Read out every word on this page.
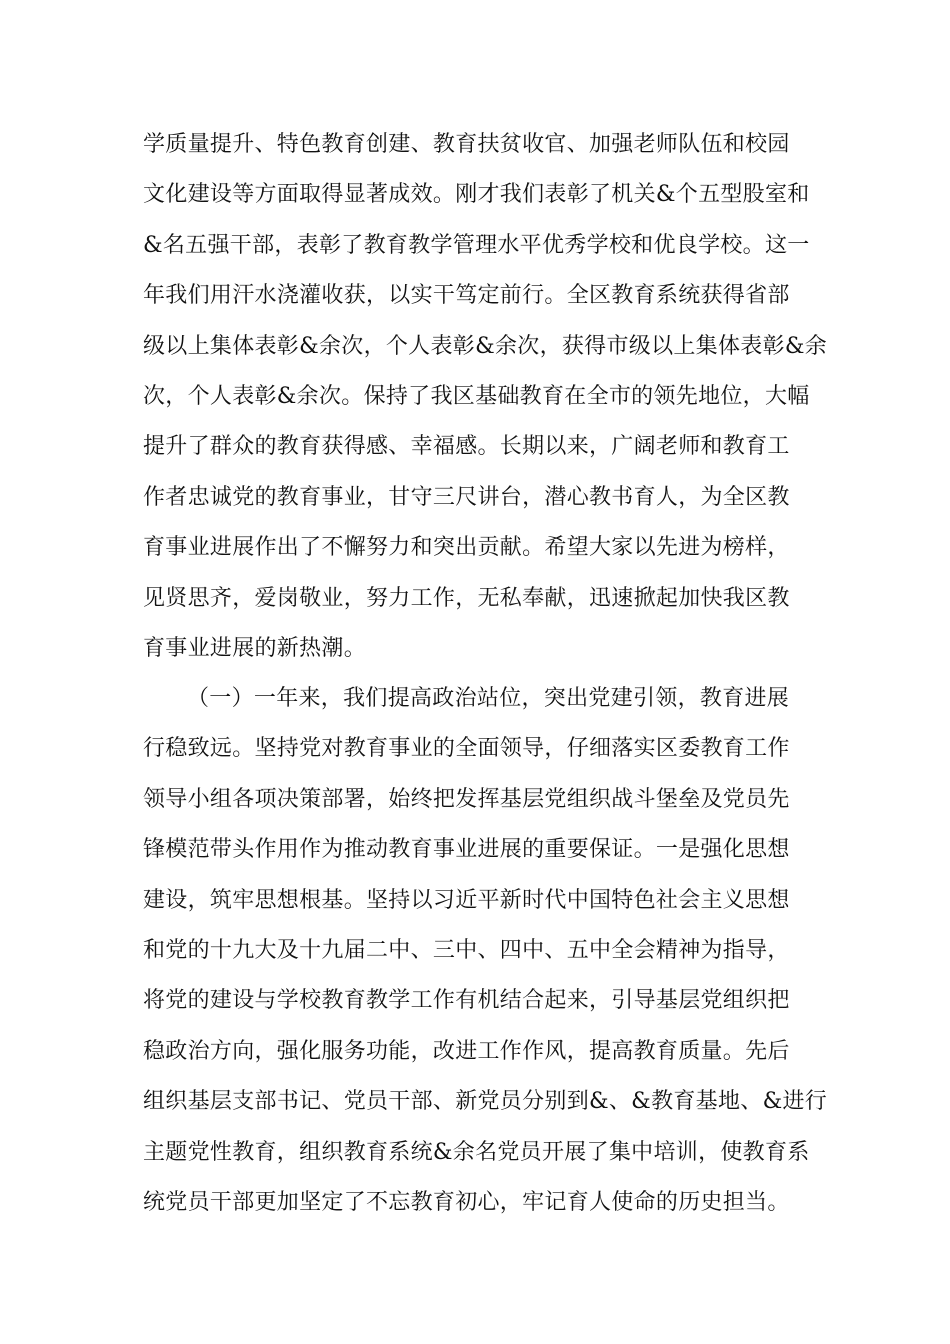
学质量提升、特色教育创建、教育扶贫收官、加强老师队伍和校园
文化建设等方面取得显著成效。刚才我们表彰了机关&个五型股室和
&名五强干部，表彰了教育教学管理水平优秀学校和优良学校。这一
年我们用汗水浇灌收获，以实干笃定前行。全区教育系统获得省部
级以上集体表彰&余次，个人表彰&余次，获得市级以上集体表彰&余
次，个人表彰&余次。保持了我区基础教育在全市的领先地位，大幅
提升了群众的教育获得感、幸福感。长期以来，广阔老师和教育工
作者忠诚党的教育事业，甘守三尺讲台，潜心教书育人，为全区教
育事业进展作出了不懈努力和突出贡献。希望大家以先进为榜样，
见贤思齐，爱岗敬业，努力工作，无私奉献，迅速掀起加快我区教
育事业进展的新热潮。
（一）一年来，我们提高政治站位，突出党建引领，教育进展
行稳致远。坚持党对教育事业的全面领导，仔细落实区委教育工作
领导小组各项决策部署，始终把发挥基层党组织战斗堡垒及党员先
锋模范带头作用作为推动教育事业进展的重要保证。一是强化思想
建设，筑牢思想根基。坚持以习近平新时代中国特色社会主义思想
和党的十九大及十九届二中、三中、四中、五中全会精神为指导，
将党的建设与学校教育教学工作有机结合起来，引导基层党组织把
稳政治方向，强化服务功能，改进工作作风，提高教育质量。先后
组织基层支部书记、党员干部、新党员分别到&、&教育基地、&进行
主题党性教育，组织教育系统&余名党员开展了集中培训，使教育系
统党员干部更加坚定了不忘教育初心，牢记育人使命的历史担当。
